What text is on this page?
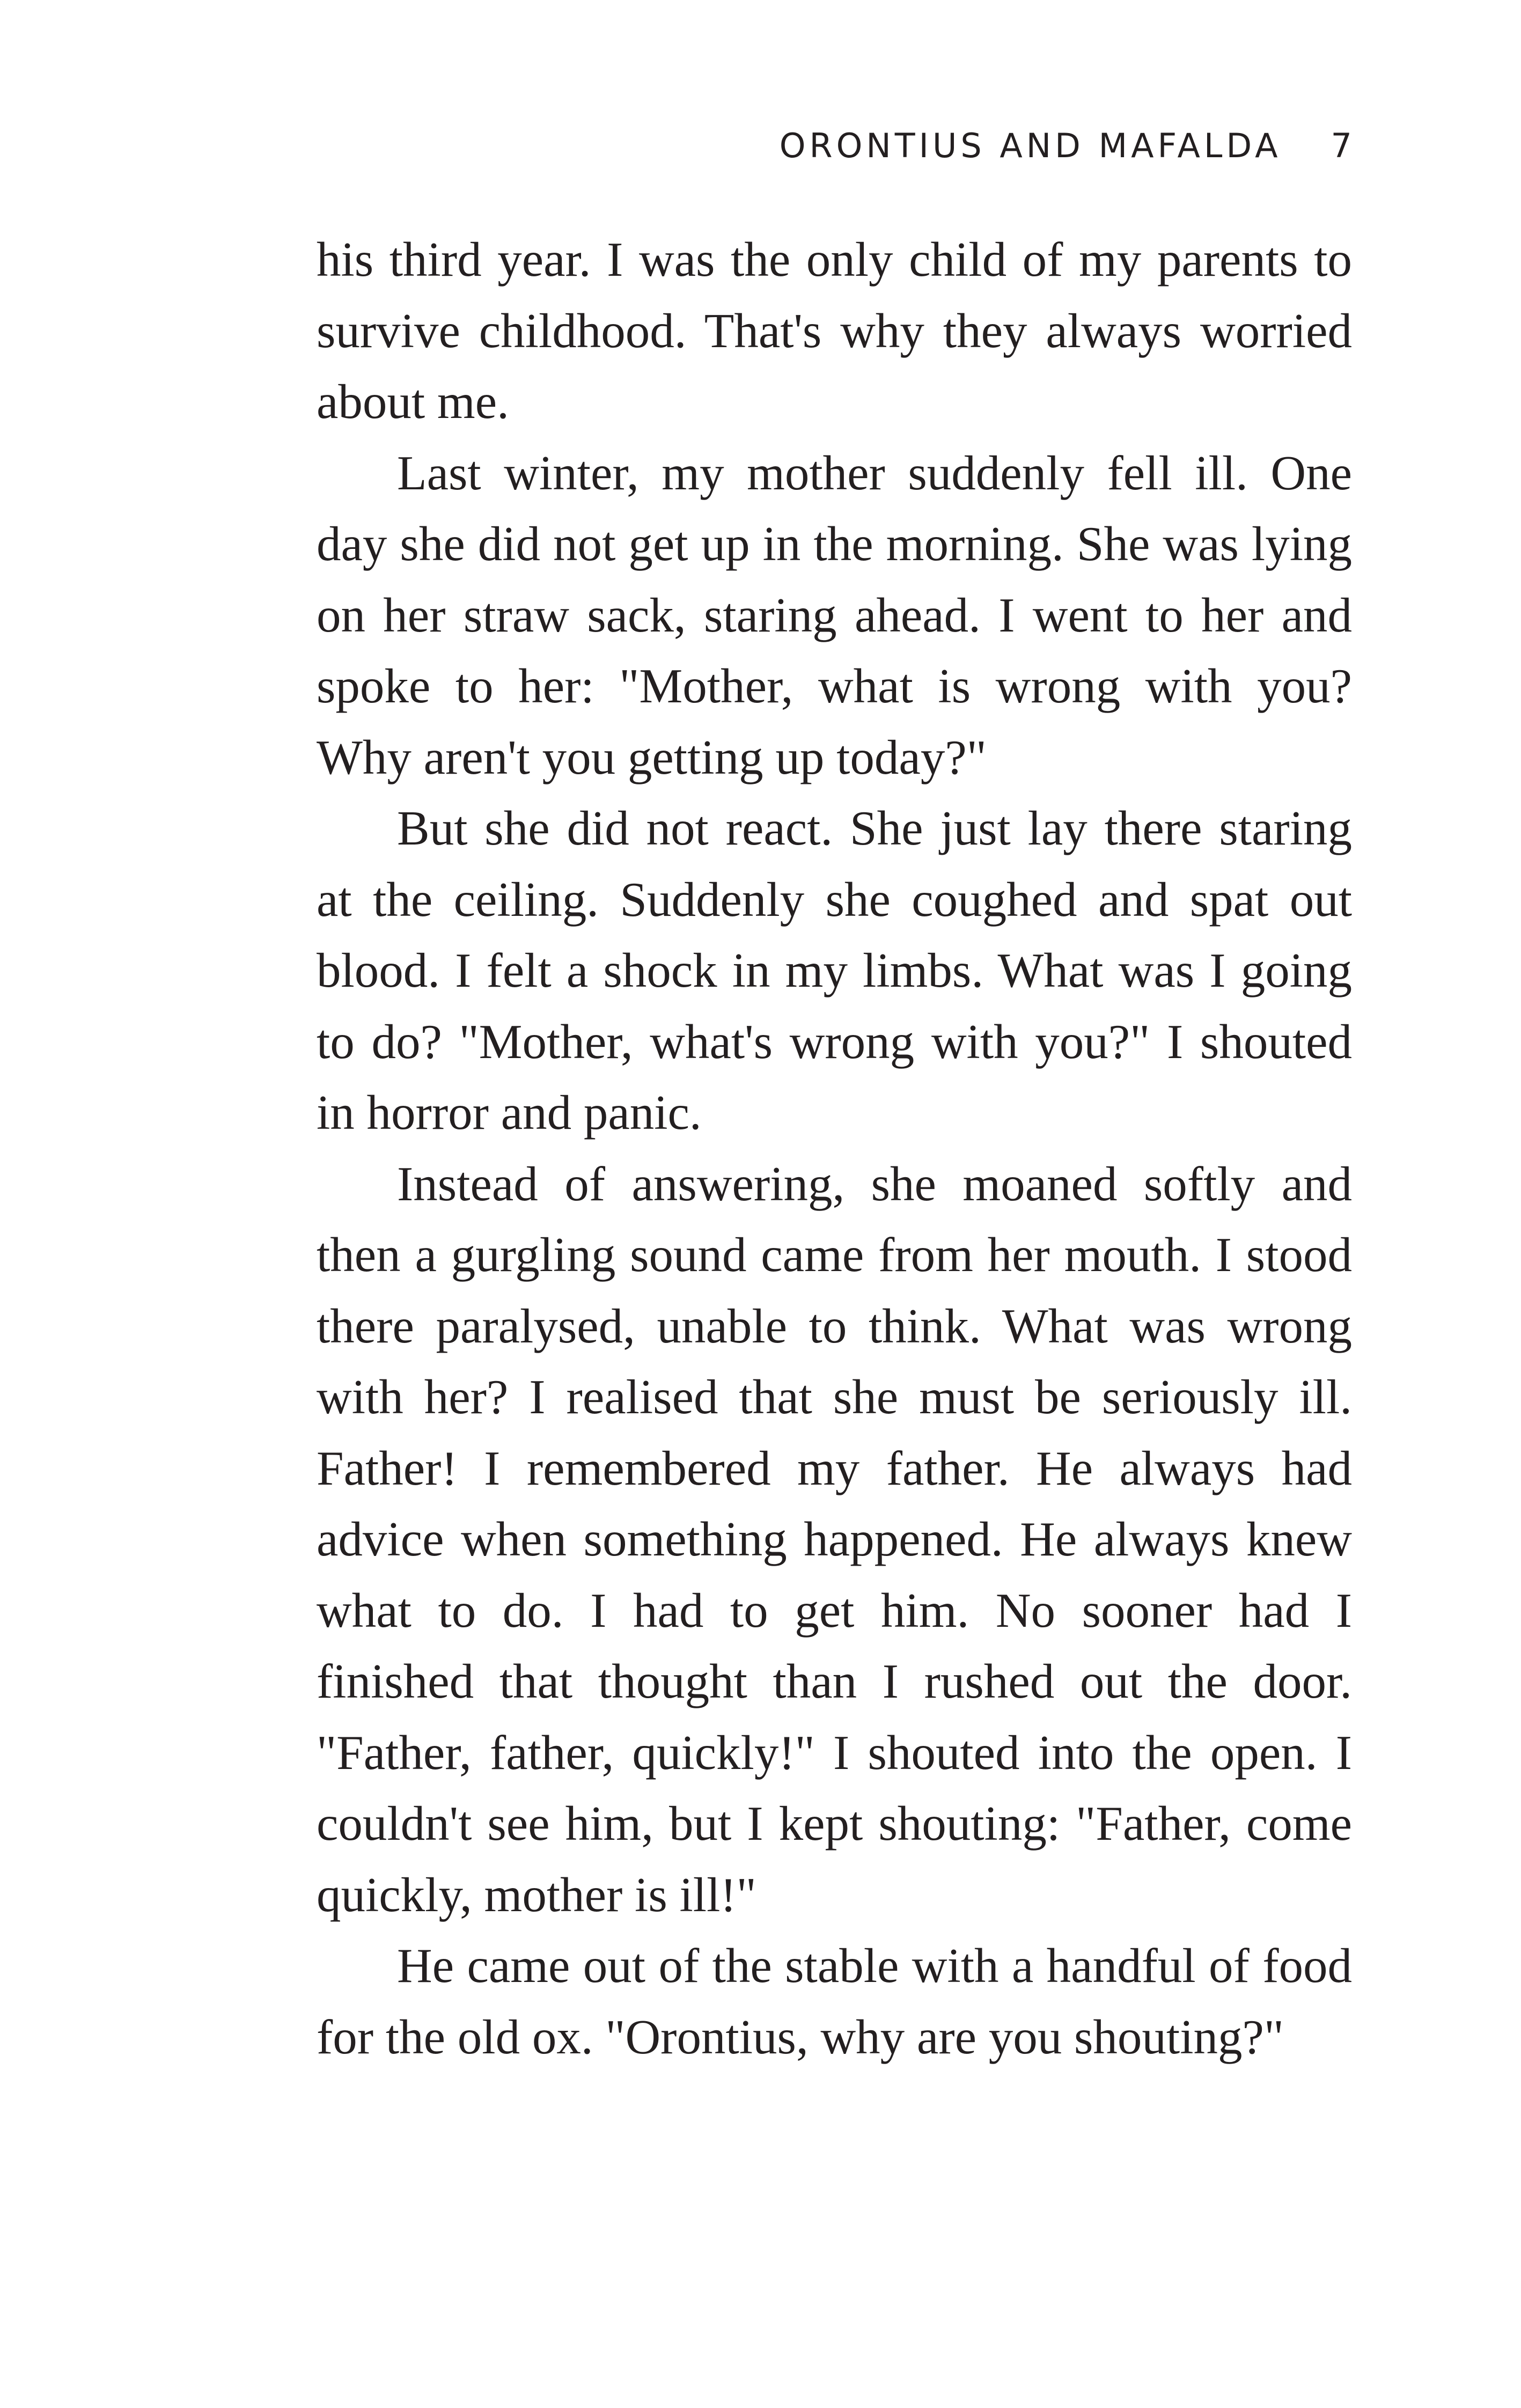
ORONTIUS AND MAFALDA 7

his third year. I was the only child of my parents to survive childhood. That's why they always worried about me.

Last winter, my mother suddenly fell ill. One day she did not get up in the morning. She was lying on her straw sack, staring ahead. I went to her and spoke to her: "Mother, what is wrong with you? Why aren't you getting up today?"

But she did not react. She just lay there staring at the ceiling. Suddenly she coughed and spat out blood. I felt a shock in my limbs. What was I going to do? "Mother, what's wrong with you?" I shouted in horror and panic.

Instead of answering, she moaned softly and then a gurgling sound came from her mouth. I stood there paralysed, unable to think. What was wrong with her? I realised that she must be seriously ill. Father! I remembered my father. He always had advice when something happened. He always knew what to do. I had to get him. No sooner had I finished that thought than I rushed out the door. "Father, father, quickly!" I shouted into the open. I couldn't see him, but I kept shouting: "Father, come quickly, mother is ill!"

He came out of the stable with a handful of food for the old ox. "Orontius, why are you shouting?"
